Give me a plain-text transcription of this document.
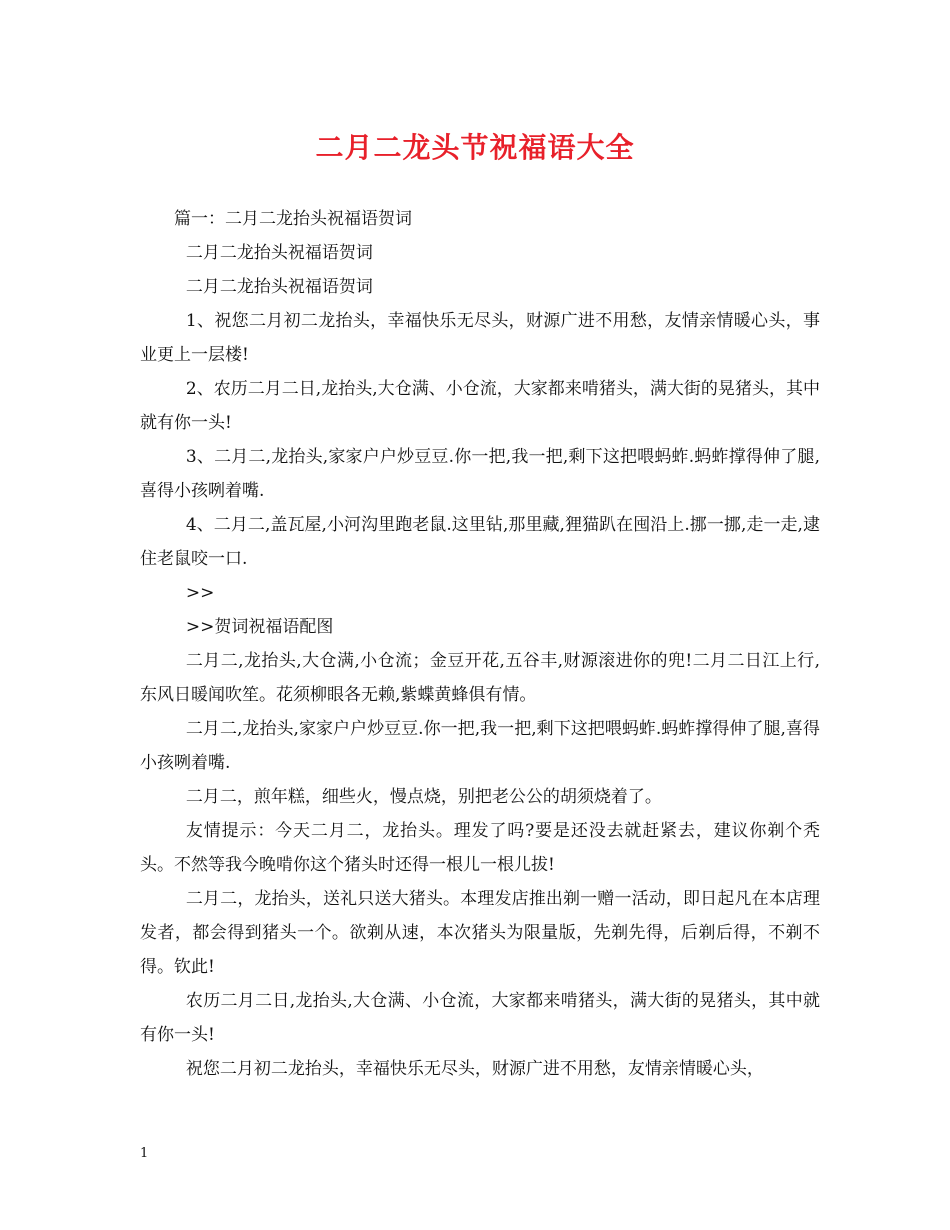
二月二龙头节祝福语大全

篇一：二月二龙抬头祝福语贺词

二月二龙抬头祝福语贺词

二月二龙抬头祝福语贺词

1、祝您二月初二龙抬头，幸福快乐无尽头，财源广进不用愁，友情亲情暖心头，事业更上一层楼!

2、农历二月二日,龙抬头,大仓满、小仓流，大家都来啃猪头，满大街的晃猪头，其中就有你一头!

3、二月二,龙抬头,家家户户炒豆豆.你一把,我一把,剩下这把喂蚂蚱.蚂蚱撑得伸了腿,喜得小孩咧着嘴.

4、二月二,盖瓦屋,小河沟里跑老鼠.这里钻,那里藏,狸猫趴在囤沿上.挪一挪,走一走,逮住老鼠咬一口.

>>

>>贺词祝福语配图

二月二,龙抬头,大仓满,小仓流；金豆开花,五谷丰,财源滚进你的兜!二月二日江上行,东风日暖闻吹笙。花须柳眼各无赖,紫蝶黄蜂俱有情。

二月二,龙抬头,家家户户炒豆豆.你一把,我一把,剩下这把喂蚂蚱.蚂蚱撑得伸了腿,喜得小孩咧着嘴.

二月二，煎年糕，细些火，慢点烧，别把老公公的胡须烧着了。

友情提示：今天二月二，龙抬头。理发了吗?要是还没去就赶紧去，建议你剃个秃头。不然等我今晚啃你这个猪头时还得一根儿一根儿拔!

二月二，龙抬头，送礼只送大猪头。本理发店推出剃一赠一活动，即日起凡在本店理发者，都会得到猪头一个。欲剃从速，本次猪头为限量版，先剃先得，后剃后得，不剃不得。钦此!

农历二月二日,龙抬头,大仓满、小仓流，大家都来啃猪头，满大街的晃猪头，其中就有你一头!

祝您二月初二龙抬头，幸福快乐无尽头，财源广进不用愁，友情亲情暖心头，

1
